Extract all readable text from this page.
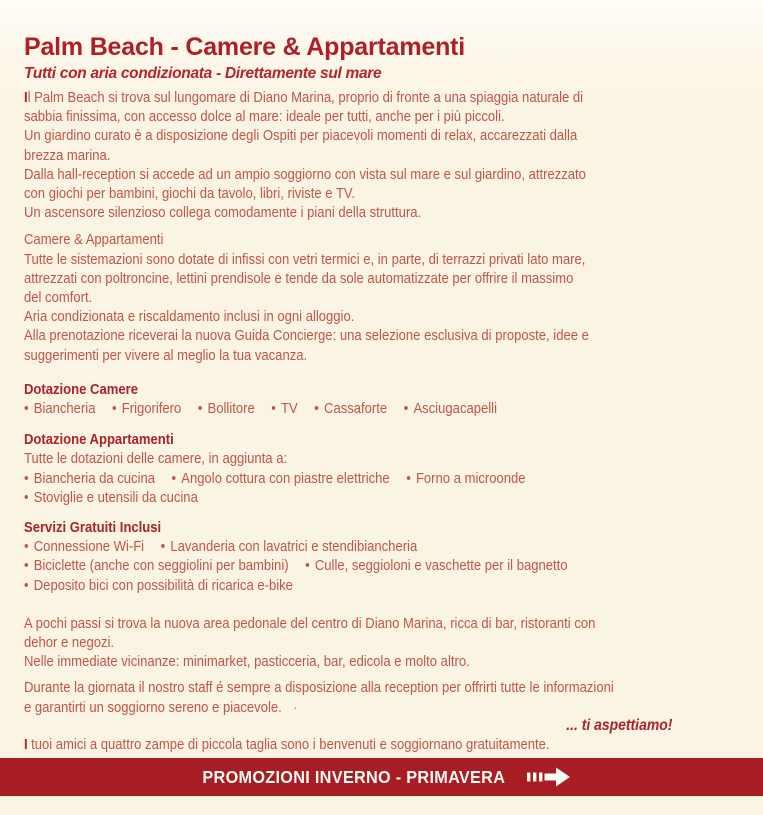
Palm Beach - Camere & Appartamenti
Tutti con aria condizionata - Direttamente sul mare
Il Palm Beach si trova sul lungomare di Diano Marina, proprio di fronte a una spiaggia naturale di
sabbia finissima, con accesso dolce al mare: ideale per tutti, anche per i più piccoli.
Un giardino curato è a disposizione degli Ospiti per piacevoli momenti di relax, accarezzati dalla
brezza marina.
Dalla hall-reception si accede ad un ampio soggiorno con vista sul mare e sul giardino, attrezzato
con giochi per bambini, giochi da tavolo, libri, riviste e TV.
Un ascensore silenzioso collega comodamente i piani della struttura.
Camere & Appartamenti
Tutte le sistemazioni sono dotate di infissi con vetri termici e, in parte, di terrazzi privati lato mare,
attrezzati con poltroncine, lettini prendisole e tende da sole automatizzate per offrire il massimo
del comfort.
Aria condizionata e riscaldamento inclusi in ogni alloggio.
Alla prenotazione riceverai la nuova Guida Concierge: una selezione esclusiva di proposte, idee e
suggerimenti per vivere al meglio la tua vacanza.
Dotazione Camere
• Biancheria • Frigorifero • Bollitore • TV • Cassaforte • Asciugacapelli
Dotazione Appartamenti
Tutte le dotazioni delle camere, in aggiunta a:
• Biancheria da cucina • Angolo cottura con piastre elettriche • Forno a microonde
• Stoviglie e utensili da cucina
Servizi Gratuiti Inclusi
• Connessione Wi-Fi • Lavanderia con lavatrici e stendibiancheria
• Biciclette (anche con seggiolini per bambini) • Culle, seggioloni e vaschette per il bagnetto
• Deposito bici con possibilità di ricarica e-bike
A pochi passi si trova la nuova area pedonale del centro di Diano Marina, ricca di bar, ristoranti con
dehor e negozi.
Nelle immediate vicinanze: minimarket, pasticceria, bar, edicola e molto altro.
Durante la giornata il nostro staff é sempre a disposizione alla reception per offrirti tutte le informazioni
e garantirti un soggiorno sereno e piacevole. .
... ti aspettiamo!
I tuoi amici a quattro zampe di piccola taglia sono i benvenuti e soggiornano gratuitamente.
PROMOZIONI INVERNO - PRIMAVERA
